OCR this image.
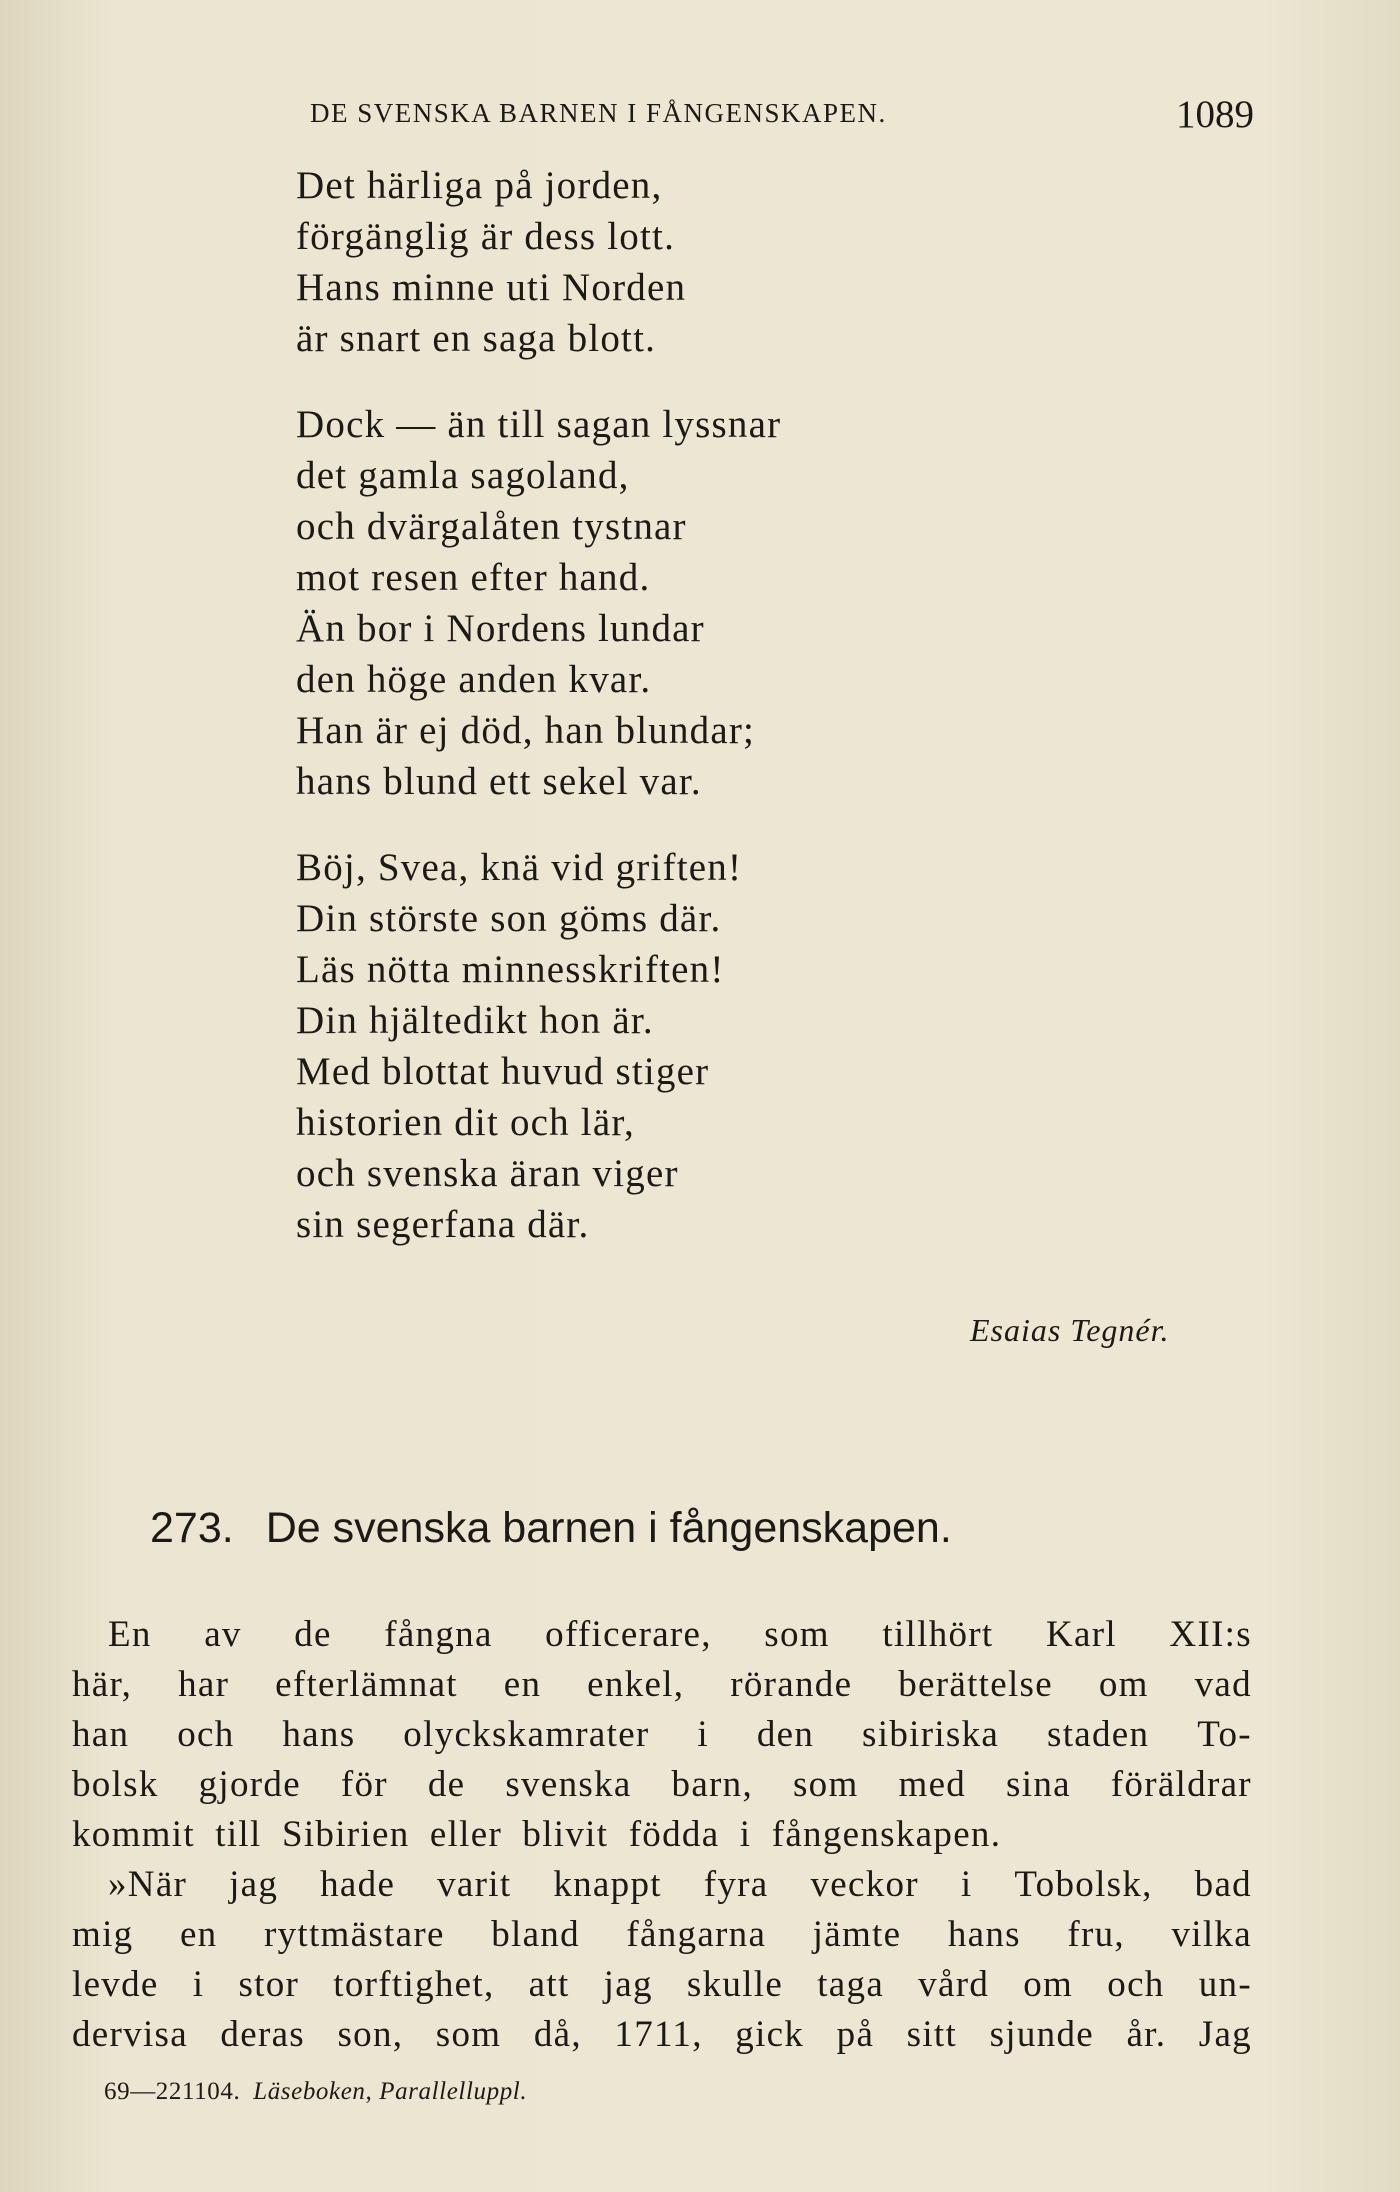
DE SVENSKA BARNEN I FÅNGENSKAPEN.	1089
Det härliga på jorden,
förgänglig är dess lott.
Hans minne uti Norden
är snart en saga blott.
Dock — än till sagan lyssnar
det gamla sagoland,
och dvärgalåten tystnar
mot resen efter hand.
Än bor i Nordens lundar
den höge anden kvar.
Han är ej död, han blundar;
hans blund ett sekel var.
Böj, Svea, knä vid griften!
Din störste son göms där.
Läs nötta minnesskriften!
Din hjältedikt hon är.
Med blottat huvud stiger
historien dit och lär,
och svenska äran viger
sin segerfana där.
Esaias Tegnér.
273. De svenska barnen i fångenskapen.
En av de fångna officerare, som tillhört Karl XII:s
här, har efterlämnat en enkel, rörande berättelse om vad
han och hans olyckskamrater i den sibiriska staden To-
bolsk gjorde för de svenska barn, som med sina föräldrar
kommit till Sibirien eller blivit födda i fångenskapen.
»När jag hade varit knappt fyra veckor i Tobolsk, bad
mig en ryttmästare bland fångarna jämte hans fru, vilka
levde i stor torftighet, att jag skulle taga vård om och un-
dervisa deras son, som då, 1711, gick på sitt sjunde år. Jag
69—221104. Läseboken, Parallelluppl.
